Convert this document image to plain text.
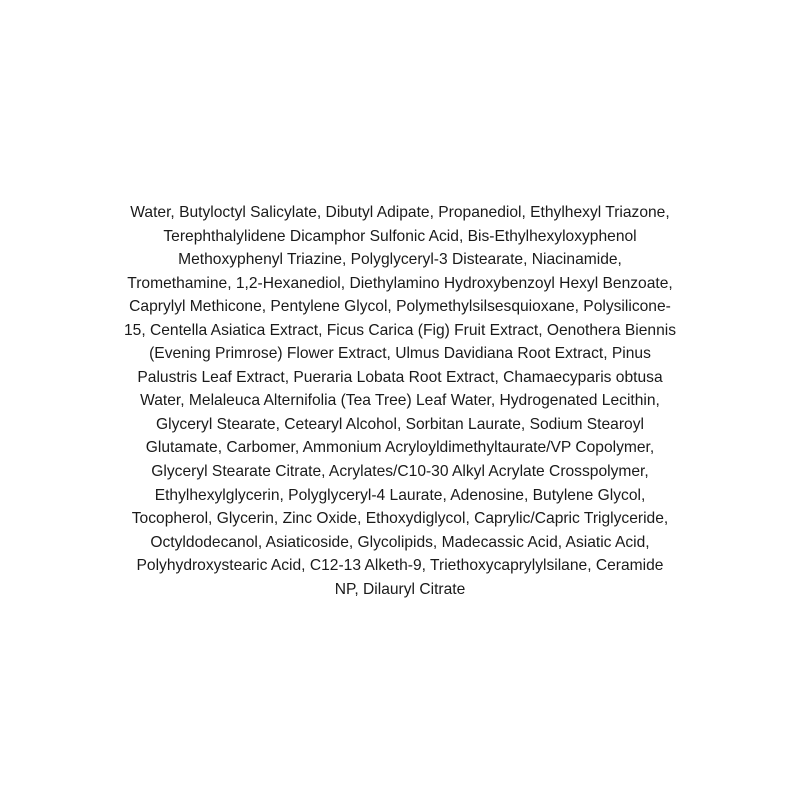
Water, Butyloctyl Salicylate, Dibutyl Adipate, Propanediol, Ethylhexyl Triazone,
Terephthalylidene Dicamphor Sulfonic Acid, Bis-Ethylhexyloxyphenol
Methoxyphenyl Triazine, Polyglyceryl-3 Distearate, Niacinamide,
Tromethamine, 1,2-Hexanediol, Diethylamino Hydroxybenzoyl Hexyl Benzoate,
Caprylyl Methicone, Pentylene Glycol, Polymethylsilsesquioxane, Polysilicone-
15, Centella Asiatica Extract, Ficus Carica (Fig) Fruit Extract, Oenothera Biennis
(Evening Primrose) Flower Extract, Ulmus Davidiana Root Extract, Pinus
Palustris Leaf Extract, Pueraria Lobata Root Extract, Chamaecyparis obtusa
Water, Melaleuca Alternifolia (Tea Tree) Leaf Water, Hydrogenated Lecithin,
Glyceryl Stearate, Cetearyl Alcohol, Sorbitan Laurate, Sodium Stearoyl
Glutamate, Carbomer, Ammonium Acryloyldimethyltaurate/VP Copolymer,
Glyceryl Stearate Citrate, Acrylates/C10-30 Alkyl Acrylate Crosspolymer,
Ethylhexylglycerin, Polyglyceryl-4 Laurate, Adenosine, Butylene Glycol,
Tocopherol, Glycerin, Zinc Oxide, Ethoxydiglycol, Caprylic/Capric Triglyceride,
Octyldodecanol, Asiaticoside, Glycolipids, Madecassic Acid, Asiatic Acid,
Polyhydroxystearic Acid, C12-13 Alketh-9, Triethoxycaprylylsilane, Ceramide
NP, Dilauryl Citrate
